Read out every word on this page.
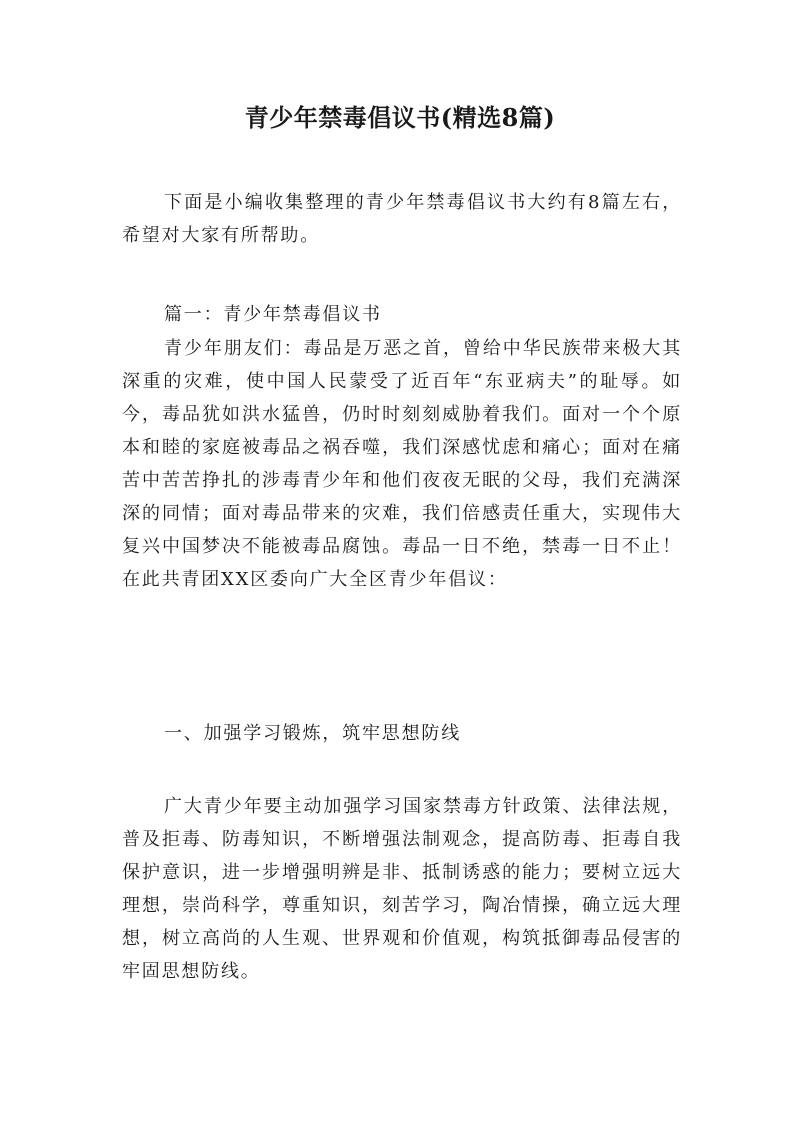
青少年禁毒倡议书(精选8篇)

下面是小编收集整理的青少年禁毒倡议书大约有8篇左右，希望对大家有所帮助。

篇一：青少年禁毒倡议书

青少年朋友们：毒品是万恶之首，曾给中华民族带来极大其深重的灾难，使中国人民蒙受了近百年“东亚病夫”的耻辱。如今，毒品犹如洪水猛兽，仍时时刻刻威胁着我们。面对一个个原本和睦的家庭被毒品之祸吞噬，我们深感忧虑和痛心；面对在痛苦中苦苦挣扎的涉毒青少年和他们夜夜无眠的父母，我们充满深深的同情；面对毒品带来的灾难，我们倍感责任重大，实现伟大复兴中国梦决不能被毒品腐蚀。毒品一日不绝，禁毒一日不止！在此共青团XX区委向广大全区青少年倡议：

一、加强学习锻炼，筑牢思想防线

广大青少年要主动加强学习国家禁毒方针政策、法律法规，普及拒毒、防毒知识，不断增强法制观念，提高防毒、拒毒自我保护意识，进一步增强明辨是非、抵制诱惑的能力；要树立远大理想，崇尚科学，尊重知识，刻苦学习，陶冶情操，确立远大理想，树立高尚的人生观、世界观和价值观，构筑抵御毒品侵害的牢固思想防线。
